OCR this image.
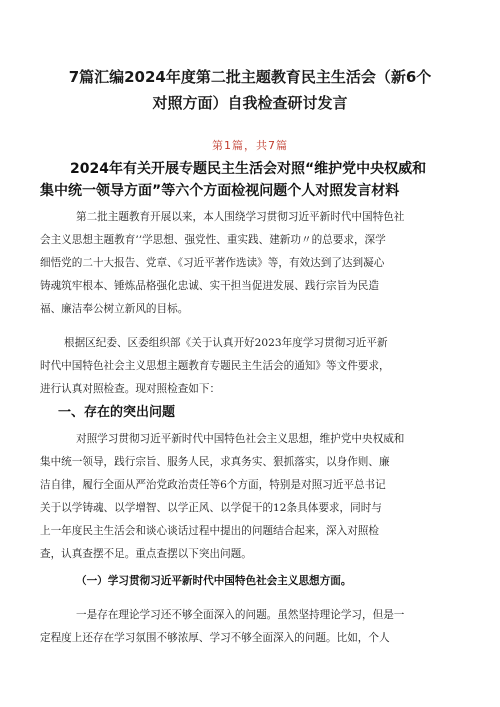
7篇汇编2024年度第二批主题教育民主生活会（新6个
对照方面）自我检查研讨发言
第1篇，共7篇
2024年有关开展专题民主生活会对照“维护党中央权威和
集中统一领导方面”等六个方面检视问题个人对照发言材料

第二批主题教育开展以来，本人围绕学习贯彻习近平新时代中国特色社

会主义思想主题教育’’学思想、强党性、重实践、建新功〃的总要求，深学

细悟党的二十大报告、党章、《习近平著作选读》等，有效达到了达到凝心

铸魂筑牢根本、锤炼品格强化忠诚、实干担当促进发展、践行宗旨为民造

福、廉洁奉公树立新风的目标。

根据区纪委、区委组织部《关于认真开好2023年度学习贯彻习近平新

时代中国特色社会主义思想主题教育专题民主生活会的通知》等文件要求，

进行认真对照检查。现对照检查如下：

一、存在的突出问题

对照学习贯彻习近平新时代中国特色社会主义思想，维护党中央权威和

集中统一领导，践行宗旨、服务人民，求真务实、狠抓落实，以身作则、廉

洁自律，履行全面从严治党政治责任等6个方面，特别是对照习近平总书记

关于以学铸魂、以学增智、以学正风、以学促干的12条具体要求，同时与

上一年度民主生活会和谈心谈话过程中提出的问题结合起来，深入对照检

查，认真查摆不足。重点查摆以下突出问题。

（一）学习贯彻习近平新时代中国特色社会主义思想方面。

一是存在理论学习还不够全面深入的问题。虽然坚持理论学习，但是一

定程度上还存在学习氛围不够浓厚、学习不够全面深入的问题。比如，个人
